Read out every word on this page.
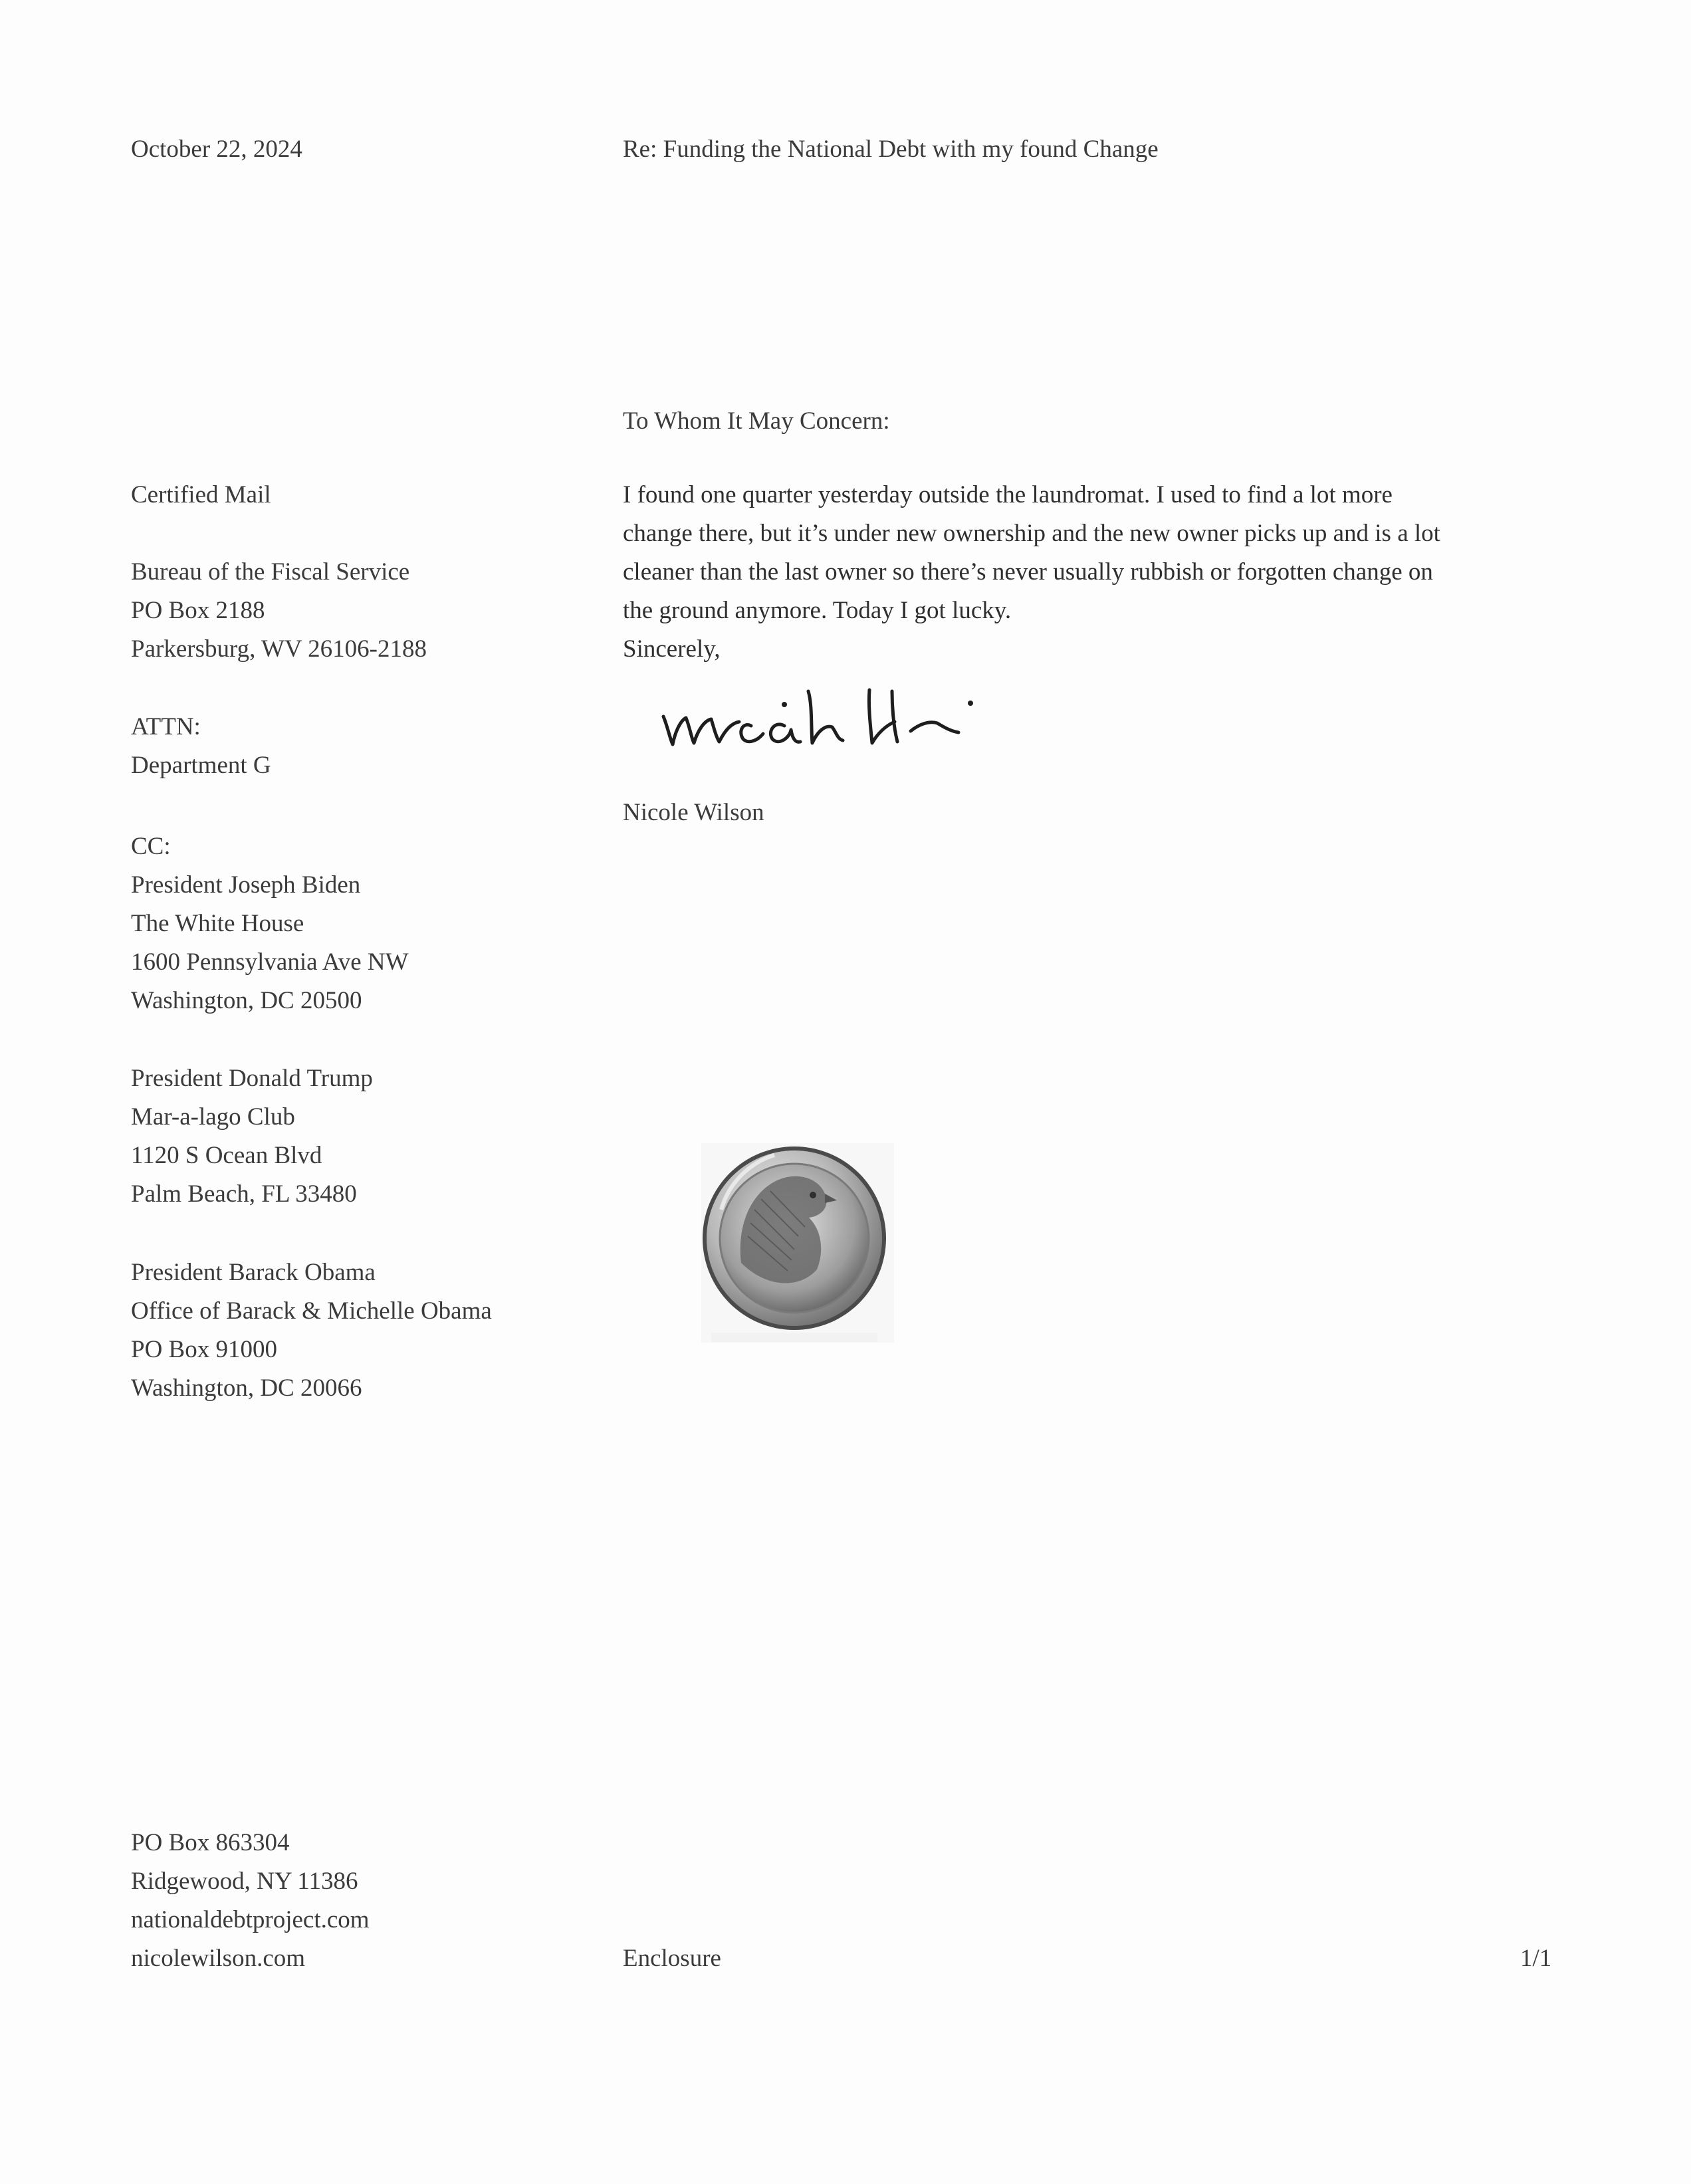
October 22, 2024	Re: Funding the National Debt with my found Change
To Whom It May Concern:
Certified Mail
Bureau of the Fiscal Service
PO Box 2188
Parkersburg, WV 26106-2188
ATTN:
Department G
CC:
President Joseph Biden
The White House
1600 Pennsylvania Ave NW
Washington, DC 20500
President Donald Trump
Mar-a-lago Club
1120 S Ocean Blvd
Palm Beach, FL 33480
President Barack Obama
Office of Barack & Michelle Obama
PO Box 91000
Washington, DC 20066
I found one quarter yesterday outside the laundromat. I used to find a lot more
change there, but it’s under new ownership and the new owner picks up and is a lot
cleaner than the last owner so there’s never usually rubbish or forgotten change on
the ground anymore. Today I got lucky.
Sincerely,
Nicole Wilson
PO Box 863304
Ridgewood, NY 11386
nationaldebtproject.com
nicolewilson.com	Enclosure	1/1
